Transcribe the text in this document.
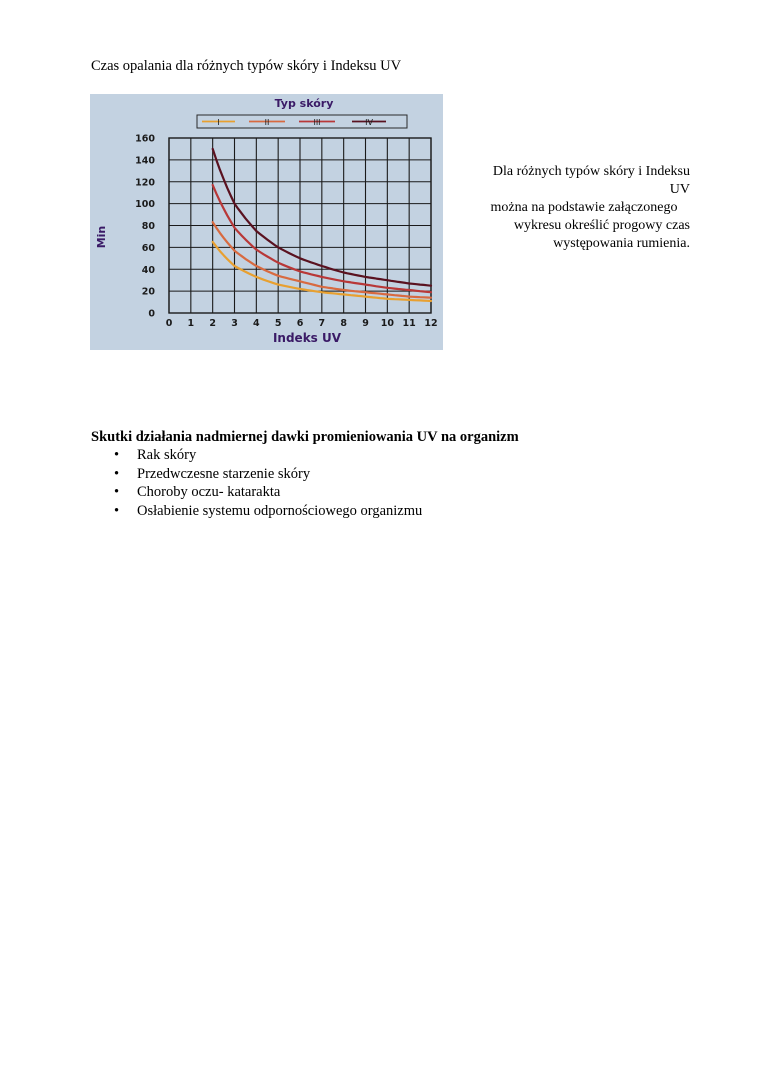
Czas opalania dla różnych typów skóry i Indeksu UV
Typ skóry
I	II	III	IV
160
140
120
100
80
60
40
20
0
0 1 2 3 4 5 6 7 8 9 10 11 12
Min
Indeks UV
Dla różnych typów skóry i Indeksu
UV

można na podstawie załączonego
wykresu określić progowy czas
występowania rumienia.
Skutki działania nadmiernej dawki promieniowania UV na organizm
• Rak skóry
• Przedwczesne starzenie skóry
• Choroby oczu- katarakta
• Osłabienie systemu odpornościowego organizmu
